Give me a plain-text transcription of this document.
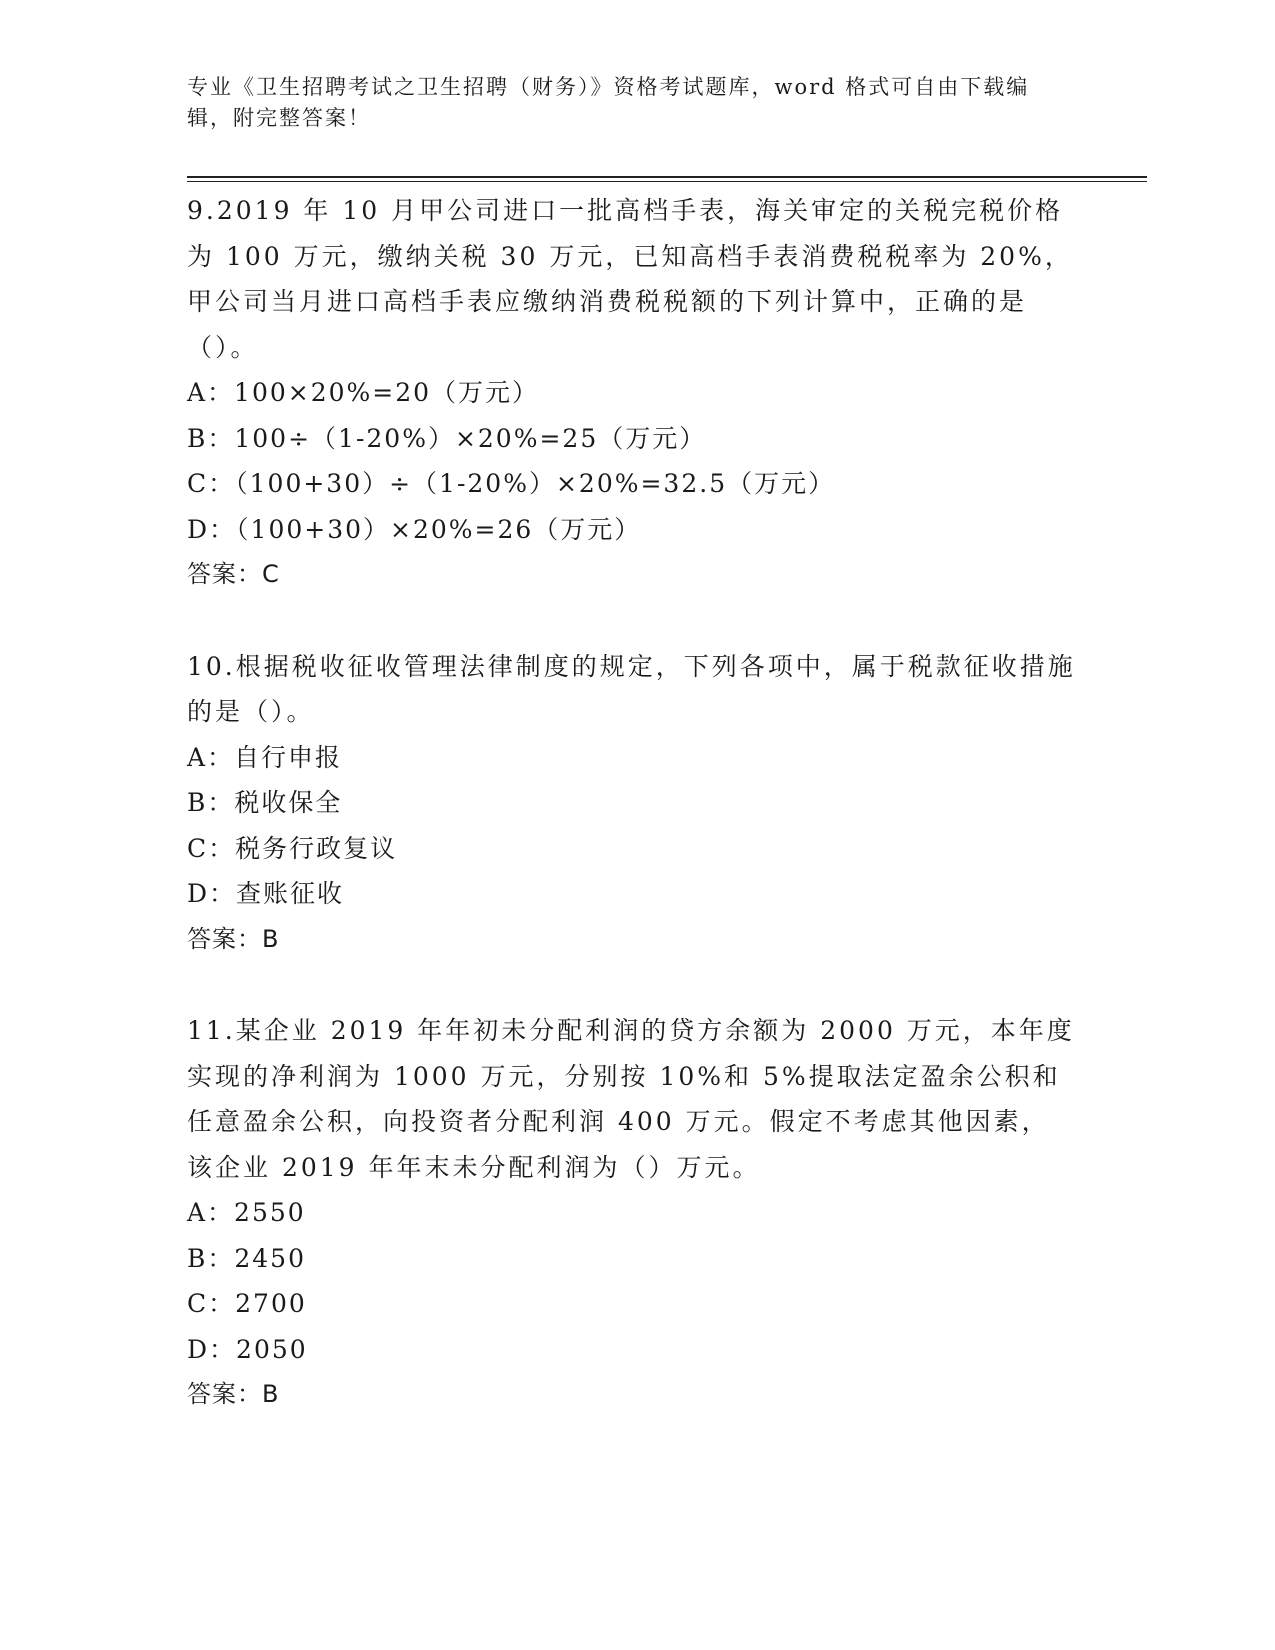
专业《卫生招聘考试之卫生招聘（财务）》资格考试题库，word 格式可自由下载编辑，附完整答案！

9.2019 年 10 月甲公司进口一批高档手表，海关审定的关税完税价格为 100 万元，缴纳关税 30 万元，已知高档手表消费税税率为 20%，甲公司当月进口高档手表应缴纳消费税税额的下列计算中，正确的是（）。

A：100×20%=20（万元）

B：100÷（1-20%）×20%=25（万元）

C：（100+30）÷（1-20%）×20%=32.5（万元）

D：（100+30）×20%=26（万元）

答案：C

10.根据税收征收管理法律制度的规定，下列各项中，属于税款征收措施的是（）。

A：自行申报

B：税收保全

C：税务行政复议

D：查账征收

答案：B

11.某企业 2019 年年初未分配利润的贷方余额为 2000 万元，本年度实现的净利润为 1000 万元，分别按 10%和 5%提取法定盈余公积和任意盈余公积，向投资者分配利润 400 万元。假定不考虑其他因素，该企业 2019 年年末未分配利润为（）万元。

A：2550

B：2450

C：2700

D：2050

答案：B
